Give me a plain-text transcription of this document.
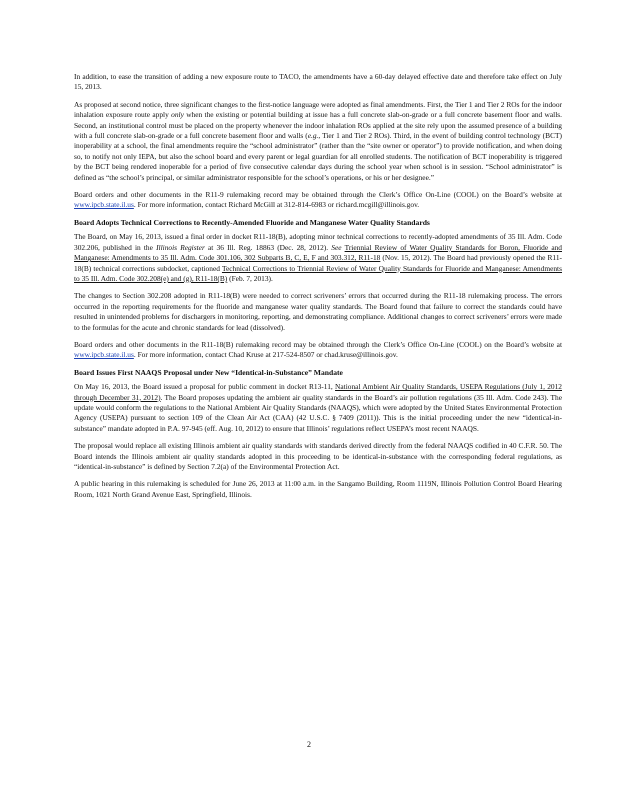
In addition, to ease the transition of adding a new exposure route to TACO, the amendments have a 60-day delayed effective date and therefore take effect on July 15, 2013.

As proposed at second notice, three significant changes to the first-notice language were adopted as final amendments. First, the Tier 1 and Tier 2 ROs for the indoor inhalation exposure route apply only when the existing or potential building at issue has a full concrete slab-on-grade or a full concrete basement floor and walls. Second, an institutional control must be placed on the property whenever the indoor inhalation ROs applied at the site rely upon the assumed presence of a building with a full concrete slab-on-grade or a full concrete basement floor and walls (e.g., Tier 1 and Tier 2 ROs). Third, in the event of building control technology (BCT) inoperability at a school, the final amendments require the “school administrator” (rather than the “site owner or operator”) to provide notification, and when doing so, to notify not only IEPA, but also the school board and every parent or legal guardian for all enrolled students. The notification of BCT inoperability is triggered by the BCT being rendered inoperable for a period of five consecutive calendar days during the school year when school is in session. “School administrator” is defined as “the school’s principal, or similar administrator responsible for the school’s operations, or his or her designee.”

Board orders and other documents in the R11-9 rulemaking record may be obtained through the Clerk’s Office On-Line (COOL) on the Board’s website at www.ipcb.state.il.us. For more information, contact Richard McGill at 312-814-6983 or richard.mcgill@illinois.gov.

Board Adopts Technical Corrections to Recently-Amended Fluoride and Manganese Water Quality Standards

The Board, on May 16, 2013, issued a final order in docket R11-18(B), adopting minor technical corrections to recently-adopted amendments of 35 Ill. Adm. Code 302.206, published in the Illinois Register at 36 Ill. Reg. 18863 (Dec. 28, 2012). See Triennial Review of Water Quality Standards for Boron, Fluoride and Manganese: Amendments to 35 Ill. Adm. Code 301.106, 302 Subparts B, C, E, F and 303.312, R11-18 (Nov. 15, 2012). The Board had previously opened the R11-18(B) technical corrections subdocket, captioned Technical Corrections to Triennial Review of Water Quality Standards for Fluoride and Manganese: Amendments to 35 Ill. Adm. Code 302.208(e) and (g), R11-18(B) (Feb. 7, 2013).

The changes to Section 302.208 adopted in R11-18(B) were needed to correct scriveners’ errors that occurred during the R11-18 rulemaking process. The errors occurred in the reporting requirements for the fluoride and manganese water quality standards. The Board found that failure to correct the standards could have resulted in unintended problems for dischargers in monitoring, reporting, and demonstrating compliance. Additional changes to correct scriveners’ errors were made to the formulas for the acute and chronic standards for lead (dissolved).

Board orders and other documents in the R11-18(B) rulemaking record may be obtained through the Clerk’s Office On-Line (COOL) on the Board’s website at www.ipcb.state.il.us. For more information, contact Chad Kruse at 217-524-8507 or chad.kruse@illinois.gov.

Board Issues First NAAQS Proposal under New “Identical-in-Substance” Mandate

On May 16, 2013, the Board issued a proposal for public comment in docket R13-11, National Ambient Air Quality Standards, USEPA Regulations (July 1, 2012 through December 31, 2012). The Board proposes updating the ambient air quality standards in the Board’s air pollution regulations (35 Ill. Adm. Code 243). The update would conform the regulations to the National Ambient Air Quality Standards (NAAQS), which were adopted by the United States Environmental Protection Agency (USEPA) pursuant to section 109 of the Clean Air Act (CAA) (42 U.S.C. § 7409 (2011)). This is the initial proceeding under the new “identical-in-substance” mandate adopted in P.A. 97-945 (eff. Aug. 10, 2012) to ensure that Illinois’ regulations reflect USEPA’s most recent NAAQS.

The proposal would replace all existing Illinois ambient air quality standards with standards derived directly from the federal NAAQS codified in 40 C.F.R. 50. The Board intends the Illinois ambient air quality standards adopted in this proceeding to be identical-in-substance with the corresponding federal regulations, as “identical-in-substance” is defined by Section 7.2(a) of the Environmental Protection Act.

A public hearing in this rulemaking is scheduled for June 26, 2013 at 11:00 a.m. in the Sangamo Building, Room 1119N, Illinois Pollution Control Board Hearing Room, 1021 North Grand Avenue East, Springfield, Illinois.

2
